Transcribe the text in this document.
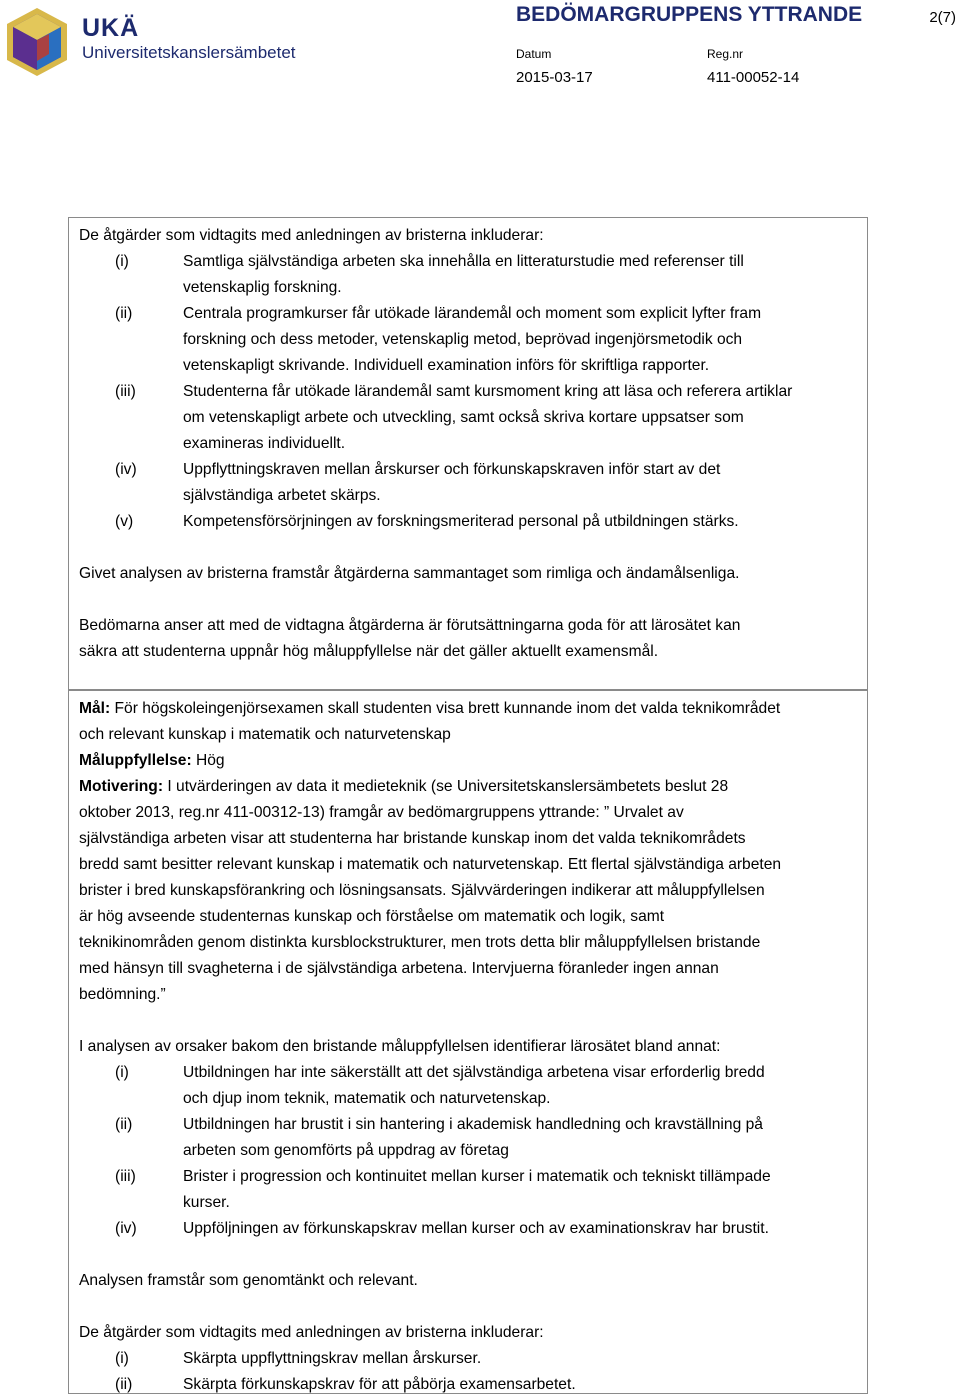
UKÄ
Universitetskanslersämbetet
BEDÖMARGRUPPENS YTTRANDE	2(7)
Datum
2015-03-17
Reg.nr
411-00052-14
De åtgärder som vidtagits med anledningen av bristerna inkluderar:
(i)	Samtliga självständiga arbeten ska innehålla en litteraturstudie med referenser till
vetenskaplig forskning.
(ii)	Centrala programkurser får utökade lärandemål och moment som explicit lyfter fram
forskning och dess metoder, vetenskaplig metod, beprövad ingenjörsmetodik och
vetenskapligt skrivande. Individuell examination införs för skriftliga rapporter.
(iii)	Studenterna får utökade lärandemål samt kursmoment kring att läsa och referera artiklar
om vetenskapligt arbete och utveckling, samt också skriva kortare uppsatser som
examineras individuellt.
(iv)	Uppflyttningskraven mellan årskurser och förkunskapskraven inför start av det
självständiga arbetet skärps.
(v)	Kompetensförsörjningen av forskningsmeriterad personal på utbildningen stärks.
Givet analysen av bristerna framstår åtgärderna sammantaget som rimliga och ändamålsenliga.
Bedömarna anser att med de vidtagna åtgärderna är förutsättningarna goda för att lärosätet kan
säkra att studenterna uppnår hög måluppfyllelse när det gäller aktuellt examensmål.
Mål: För högskoleingenjörsexamen skall studenten visa brett kunnande inom det valda teknikområdet
och relevant kunskap i matematik och naturvetenskap
Måluppfyllelse: Hög
Motivering: I utvärderingen av data it medieteknik (se Universitetskanslersämbetets beslut 28
oktober 2013, reg.nr 411-00312-13) framgår av bedömargruppens yttrande: ” Urvalet av
självständiga arbeten visar att studenterna har bristande kunskap inom det valda teknikområdets
bredd samt besitter relevant kunskap i matematik och naturvetenskap. Ett flertal självständiga arbeten
brister i bred kunskapsförankring och lösningsansats. Självvärderingen indikerar att måluppfyllelsen
är hög avseende studenternas kunskap och förståelse om matematik och logik, samt
teknikinområden genom distinkta kursblockstrukturer, men trots detta blir måluppfyllelsen bristande
med hänsyn till svagheterna i de självständiga arbetena. Intervjuerna föranleder ingen annan
bedömning.”
I analysen av orsaker bakom den bristande måluppfyllelsen identifierar lärosätet bland annat:
(i)	Utbildningen har inte säkerställt att det självständiga arbetena visar erforderlig bredd
och djup inom teknik, matematik och naturvetenskap.
(ii)	Utbildningen har brustit i sin hantering i akademisk handledning och kravställning på
arbeten som genomförts på uppdrag av företag
(iii)	Brister i progression och kontinuitet mellan kurser i matematik och tekniskt tillämpade
kurser.
(iv)	Uppföljningen av förkunskapskrav mellan kurser och av examinationskrav har brustit.
Analysen framstår som genomtänkt och relevant.
De åtgärder som vidtagits med anledningen av bristerna inkluderar:
(i)	Skärpta uppflyttningskrav mellan årskurser.
(ii)	Skärpta förkunskapskrav för att påbörja examensarbetet.
